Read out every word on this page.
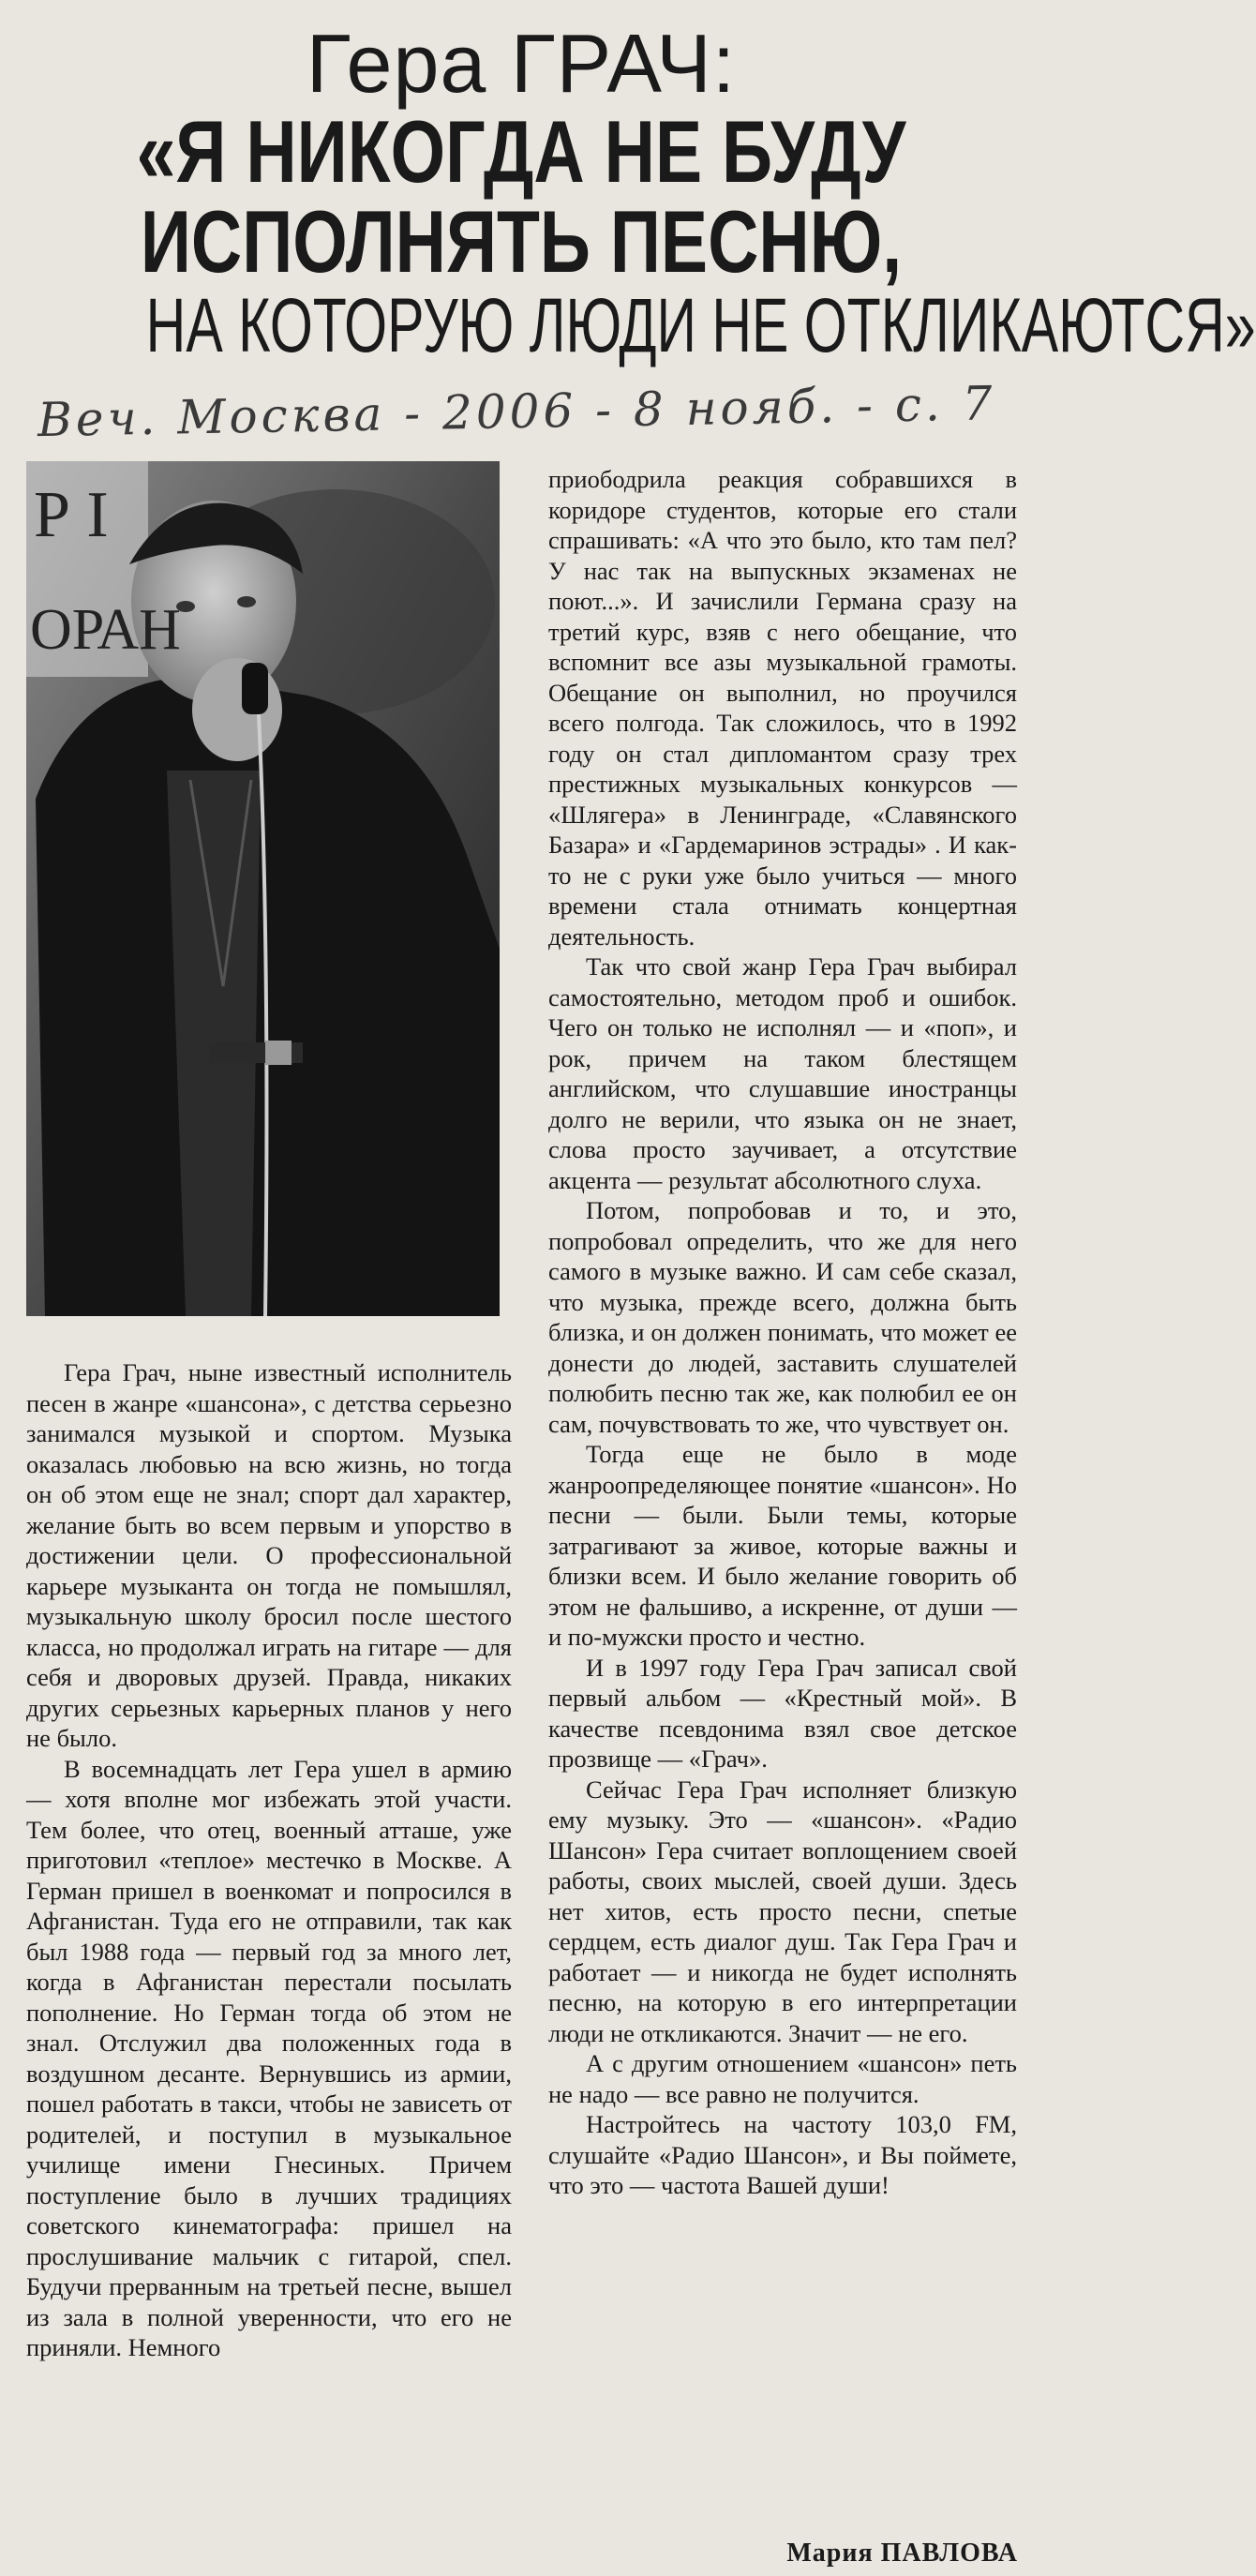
Гера ГРАЧ:
«Я НИКОГДА НЕ БУДУ
ИСПОЛНЯТЬ ПЕСНЮ,
НА КОТОРУЮ ЛЮДИ НЕ ОТКЛИКАЮТСЯ»
Веч. Москва - 2006 - 8 нояб. - с. 7
Р I
ОРАН

Гера Грач, ныне известный исполнитель песен в жанре «шансона», с детства серьезно занимался музыкой и спортом. Музыка оказалась любовью на всю жизнь, но тогда он об этом еще не знал; спорт дал характер, желание быть во всем первым и упорство в достижении цели. О профессиональной карьере музыканта он тогда не помышлял, музыкальную школу бросил после шестого класса, но продолжал играть на гитаре — для себя и дворовых друзей. Правда, никаких других серьезных карьерных планов у него не было.

В восемнадцать лет Гера ушел в армию — хотя вполне мог избежать этой участи. Тем более, что отец, военный атташе, уже приготовил «теплое» местечко в Москве. А Герман пришел в военкомат и попросился в Афганистан. Туда его не отправили, так как был 1988 года — первый год за много лет, когда в Афганистан перестали посылать пополнение. Но Герман тогда об этом не знал. Отслужил два положенных года в воздушном десанте. Вернувшись из армии, пошел работать в такси, чтобы не зависеть от родителей, и поступил в музыкальное училище имени Гнесиных. Причем поступление было в лучших традициях советского кинематографа: пришел на прослушивание мальчик с гитарой, спел. Будучи прерванным на третьей песне, вышел из зала в полной уверенности, что его не приняли. Немного

приободрила реакция собравшихся в коридоре студентов, которые его стали спрашивать: «А что это было, кто там пел? У нас так на выпускных экзаменах не поют...». И зачислили Германа сразу на третий курс, взяв с него обещание, что вспомнит все азы музыкальной грамоты. Обещание он выполнил, но проучился всего полгода. Так сложилось, что в 1992 году он стал дипломантом сразу трех престижных музыкальных конкурсов — «Шлягера» в Ленинграде, «Славянского Базара» и «Гардемаринов эстрады» . И как-то не с руки уже было учиться — много времени стала отнимать концертная деятельность.

Так что свой жанр Гера Грач выбирал самостоятельно, методом проб и ошибок. Чего он только не исполнял — и «поп», и рок, причем на таком блестящем английском, что слушавшие иностранцы долго не верили, что языка он не знает, слова просто заучивает, а отсутствие акцента — результат абсолютного слуха.

Потом, попробовав и то, и это, попробовал определить, что же для него самого в музыке важно. И сам себе сказал, что музыка, прежде всего, должна быть близка, и он должен понимать, что может ее донести до людей, заставить слушателей полюбить песню так же, как полюбил ее он сам, почувствовать то же, что чувствует он.

Тогда еще не было в моде жанроопределяющее понятие «шансон». Но песни — были. Были темы, которые затрагивают за живое, которые важны и близки всем. И было желание говорить об этом не фальшиво, а искренне, от души — и по-мужски просто и честно.

И в 1997 году Гера Грач записал свой первый альбом — «Крестный мой». В качестве псевдонима взял свое детское прозвище — «Грач».

Сейчас Гера Грач исполняет близкую ему музыку. Это — «шансон». «Радио Шансон» Гера считает воплощением своей работы, своих мыслей, своей души. Здесь нет хитов, есть просто песни, спетые сердцем, есть диалог душ. Так Гера Грач и работает — и никогда не будет исполнять песню, на которую в его интерпретации люди не откликаются. Значит — не его.

А с другим отношением «шансон» петь не надо — все равно не получится.

Настройтесь на частоту 103,0 FM, слушайте «Радио Шансон», и Вы поймете, что это — частота Вашей души!

Мария ПАВЛОВА
